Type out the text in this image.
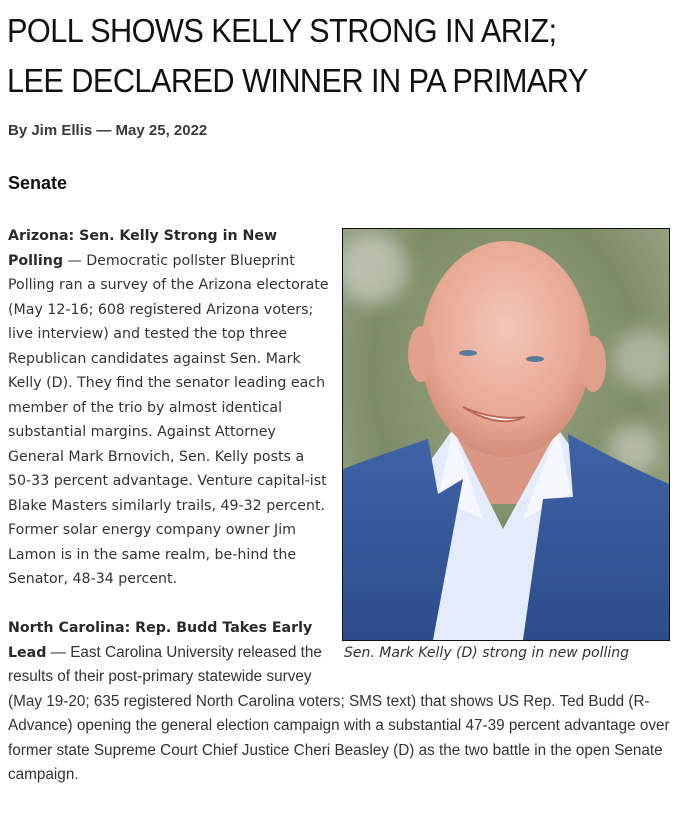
POLL SHOWS KELLY STRONG IN ARIZ;
LEE DECLARED WINNER IN PA PRIMARY
By Jim Ellis — May 25, 2022
Senate
Sen. Mark Kelly (D) strong in new polling

Arizona: Sen. Kelly Strong in New Polling — Democratic pollster Blueprint Polling ran a survey of the Arizona electorate (May 12-16; 608 registered Arizona voters; live interview) and tested the top three Republican candidates against Sen. Mark Kelly (D). They find the senator leading each member of the trio by almost identical substantial margins. Against Attorney General Mark Brnovich, Sen. Kelly posts a 50-33 percent advantage. Venture capital-ist Blake Masters similarly trails, 49-32 percent. Former solar energy company owner Jim Lamon is in the same realm, be-hind the Senator, 48-34 percent.

North Carolina: Rep. Budd Takes Early Lead — East Carolina University released the results of their post-primary statewide survey (May 19-20; 635 registered North Carolina voters; SMS text) that shows US Rep. Ted Budd (R-Advance) opening the general election campaign with a substantial 47-39 percent advantage over former state Supreme Court Chief Justice Cheri Beasley (D) as the two battle in the open Senate campaign.
